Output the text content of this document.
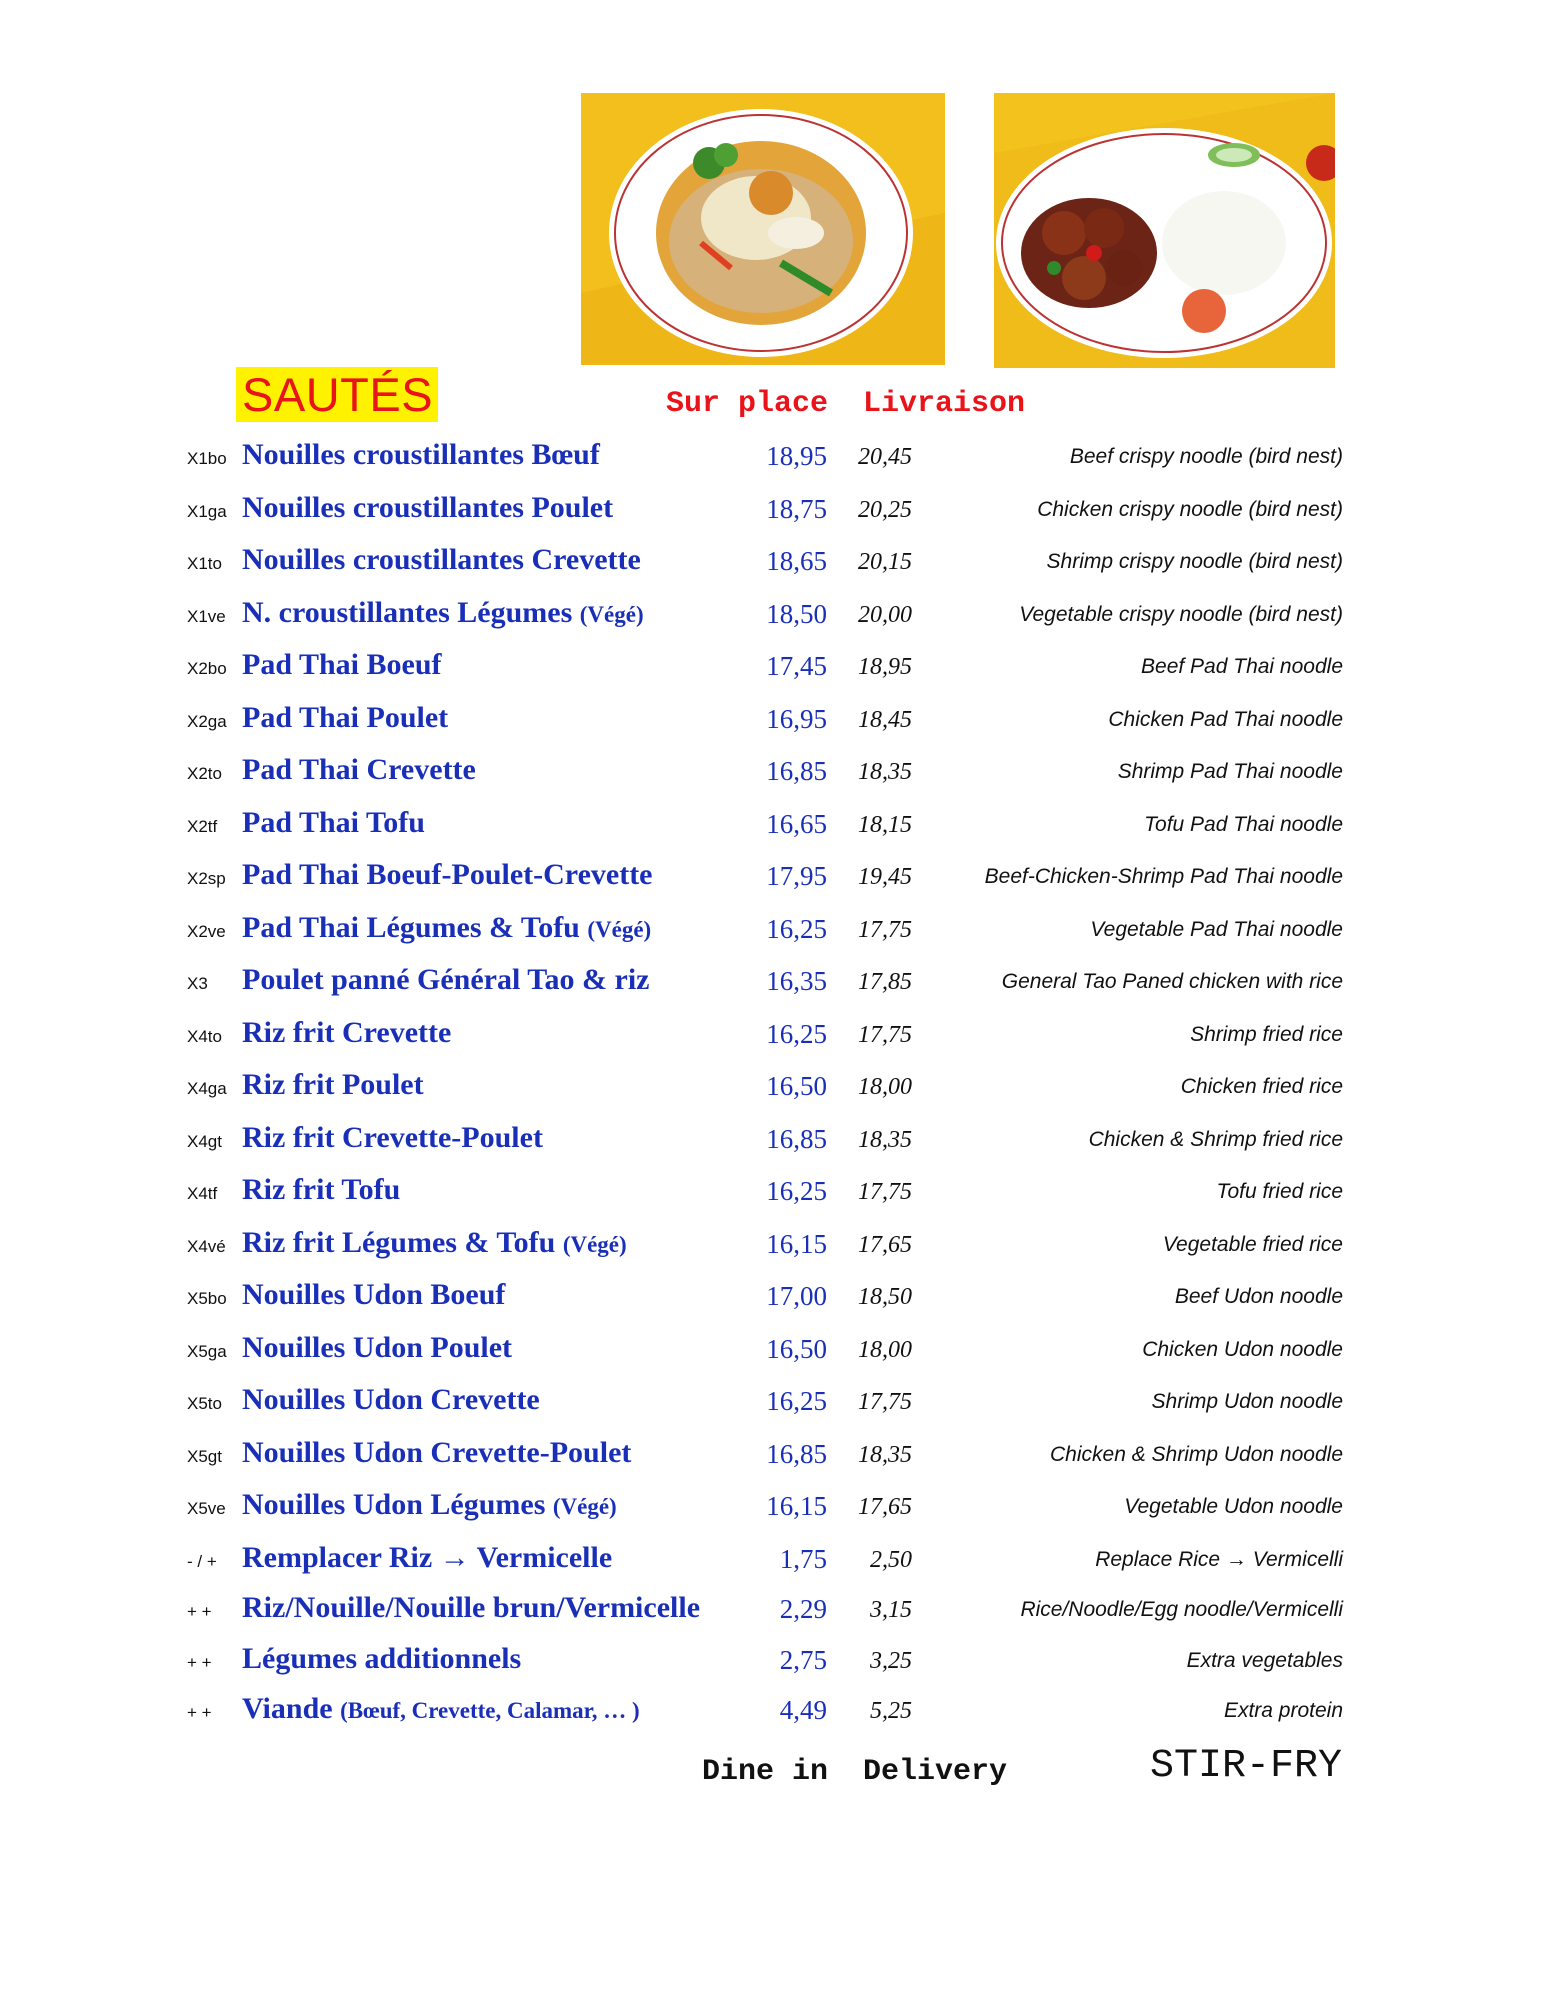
SAUTÉS	Sur place Livraison
X1bo Nouilles croustillantes Bœuf	18,95 20,45	Beef crispy noodle (bird nest)
X1ga Nouilles croustillantes Poulet	18,75 20,25	Chicken crispy noodle (bird nest)
X1to Nouilles croustillantes Crevette	18,65 20,15	Shrimp crispy noodle (bird nest)
X1ve N. croustillantes Légumes (Végé)	18,50 20,00	Vegetable crispy noodle (bird nest)
X2bo Pad Thai Boeuf	17,45 18,95	Beef Pad Thai noodle
X2ga Pad Thai Poulet	16,95 18,45	Chicken Pad Thai noodle
X2to Pad Thai Crevette	16,85 18,35	Shrimp Pad Thai noodle
X2tf Pad Thai Tofu	16,65 18,15	Tofu Pad Thai noodle
X2sp Pad Thai Boeuf-Poulet-Crevette	17,95 19,45	Beef-Chicken-Shrimp Pad Thai noodle
X2ve Pad Thai Légumes & Tofu (Végé)	16,25 17,75	Vegetable Pad Thai noodle
X3 Poulet panné Général Tao & riz	16,35 17,85	General Tao Paned chicken with rice
X4to Riz frit Crevette	16,25 17,75	Shrimp fried rice
X4ga Riz frit Poulet	16,50 18,00	Chicken fried rice
X4gt Riz frit Crevette-Poulet	16,85 18,35	Chicken & Shrimp fried rice
X4tf Riz frit Tofu	16,25 17,75	Tofu fried rice
X4vé Riz frit Légumes & Tofu (Végé)	16,15 17,65	Vegetable fried rice
X5bo Nouilles Udon Boeuf	17,00 18,50	Beef Udon noodle
X5ga Nouilles Udon Poulet	16,50 18,00	Chicken Udon noodle
X5to Nouilles Udon Crevette	16,25 17,75	Shrimp Udon noodle
X5gt Nouilles Udon Crevette-Poulet	16,85 18,35	Chicken & Shrimp Udon noodle
X5ve Nouilles Udon Légumes (Végé)	16,15 17,65	Vegetable Udon noodle
- / + Remplacer Riz → Vermicelle	1,75 2,50	Replace Rice → Vermicelli
+ + Riz/Nouille/Nouille brun/Vermicelle	2,29 3,15	Rice/Noodle/Egg noodle/Vermicelli
+ + Légumes additionnels	2,75 3,25	Extra vegetables
+ + Viande (Bœuf, Crevette, Calamar, … )	4,49 5,25	Extra protein
Dine in Delivery	STIR-FRY
